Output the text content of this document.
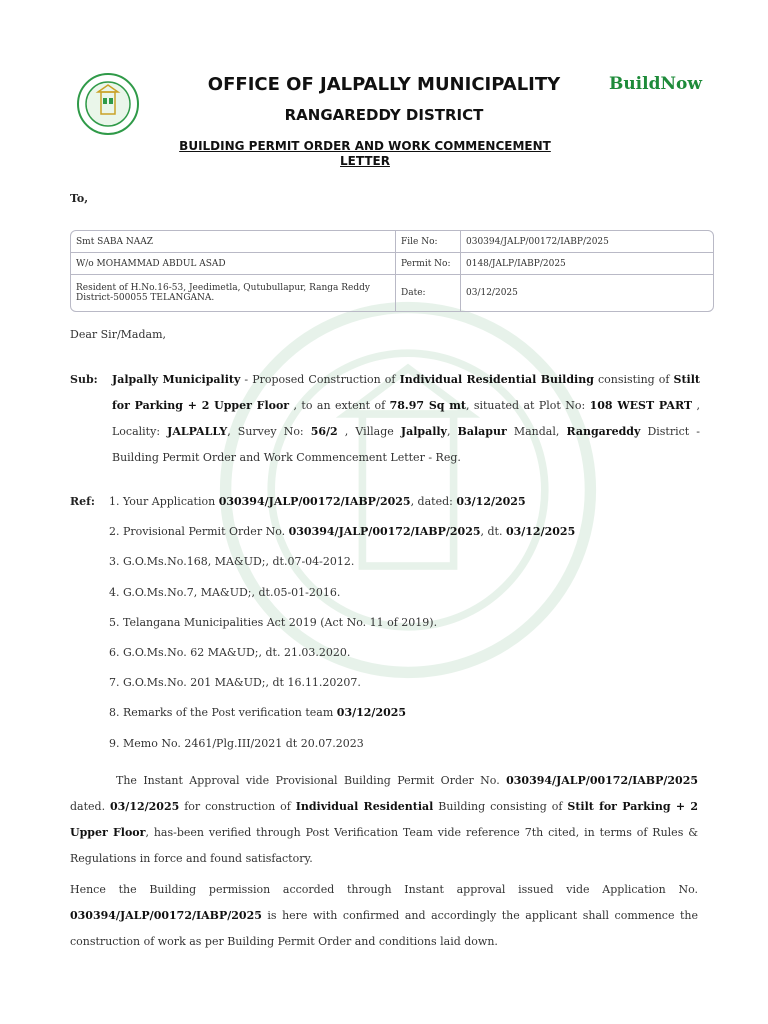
OFFICE OF JALPALLY MUNICIPALITY
RANGAREDDY DISTRICT
BUILDING PERMIT ORDER AND WORK COMMENCEMENT LETTER
BuildNow
To,
Smt SABA NAAZ	File No:	030394/JALP/00172/IABP/2025
W/o MOHAMMAD ABDUL ASAD	Permit No:	0148/JALP/IABP/2025
Resident of H.No.16-53, Jeedimetla, Qutubullapur, Ranga Reddy District-500055 TELANGANA.	Date:	03/12/2025
Dear Sir/Madam,
Sub: Jalpally Municipality - Proposed Construction of Individual Residential Building consisting of Stilt for Parking + 2 Upper Floor , to an extent of 78.97 Sq mt, situated at Plot No: 108 WEST PART , Locality: JALPALLY, Survey No: 56/2 , Village Jalpally, Balapur Mandal, Rangareddy District - Building Permit Order and Work Commencement Letter - Reg.
Ref: 1. Your Application 030394/JALP/00172/IABP/2025, dated: 03/12/2025
2. Provisional Permit Order No. 030394/JALP/00172/IABP/2025, dt. 03/12/2025
3. G.O.Ms.No.168, MA&UD;, dt.07-04-2012.
4. G.O.Ms.No.7, MA&UD;, dt.05-01-2016.
5. Telangana Municipalities Act 2019 (Act No. 11 of 2019).
6. G.O.Ms.No. 62 MA&UD;, dt. 21.03.2020.
7. G.O.Ms.No. 201 MA&UD;, dt 16.11.20207.
8. Remarks of the Post verification team 03/12/2025
9. Memo No. 2461/Plg.III/2021 dt 20.07.2023
The Instant Approval vide Provisional Building Permit Order No. 030394/JALP/00172/IABP/2025 dated. 03/12/2025 for construction of Individual Residential Building consisting of Stilt for Parking + 2 Upper Floor, has-been verified through Post Verification Team vide reference 7th cited, in terms of Rules & Regulations in force and found satisfactory.
Hence the Building permission accorded through Instant approval issued vide Application No. 030394/JALP/00172/IABP/2025 is here with confirmed and accordingly the applicant shall commence the construction of work as per Building Permit Order and conditions laid down.
